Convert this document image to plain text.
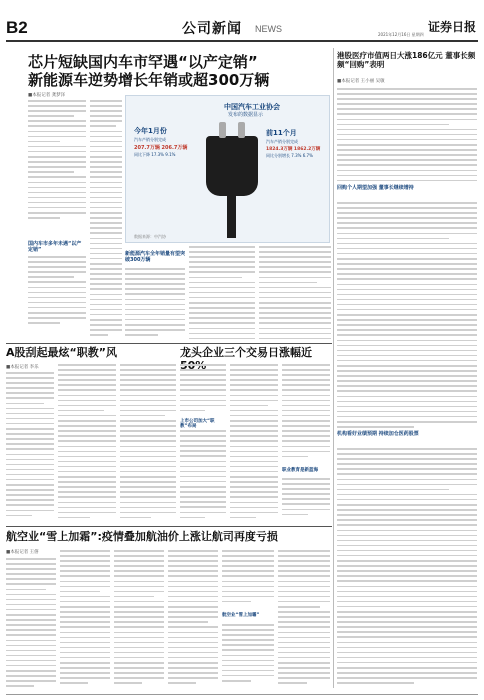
B2	公司新闻 NEWS	证券日报
2021年12月16日 星期四
芯片短缺国内车市罕遇“以产定销”
新能源车逆势增长年销或超300万辆
■本报记者 龚梦泽
国内车市多年未遇“以产定销”
中国汽车工业协会
发布的数据显示
今年1月份
汽车产销分别完成
207.7万辆 206.7万辆
同比下降 17.3% 9.1%
前11个月
汽车产销分别完成
1824.3万辆 1862.2万辆
同比分别增长 7.3% 6.7%
数据来源：中汽协
新能源汽车全年销量有望突破300万辆
港股医疗市值两日大涨186亿元 董事长频频“回购”表明
■本报记者 王小丽 吴敏
回购个人期望加强 董事长继续增持
机构看好业绩预期 持续加仓医药股票
A股刮起最炫“职教”风	龙头企业三个交易日涨幅近
■本报记者 李乐
上市公司加大“职教”布局
职业教育是新蓝海
航空业“雪上加霜”:疫情叠加航油价上涨让航司再度亏损
■本报记者 王僖
航空业“雪上加霜”
